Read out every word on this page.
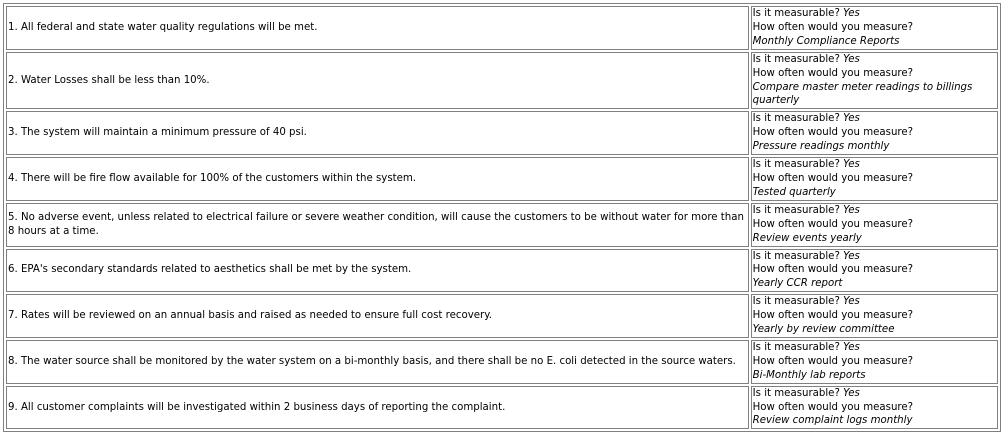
1. All federal and state water quality regulations will be met.	Is it measurable? Yes
How often would you measure?
Monthly Compliance Reports

2. Water Losses shall be less than 10%.	Is it measurable? Yes
How often would you measure?
Compare master meter readings to billings quarterly

3. The system will maintain a minimum pressure of 40 psi.	Is it measurable? Yes
How often would you measure?
Pressure readings monthly

4. There will be fire flow available for 100% of the customers within the system.	Is it measurable? Yes
How often would you measure?
Tested quarterly

5. No adverse event, unless related to electrical failure or severe weather condition, will cause the customers to be without water for more than 8 hours at a time.	Is it measurable? Yes
How often would you measure?
Review events yearly

6. EPA's secondary standards related to aesthetics shall be met by the system.	Is it measurable? Yes
How often would you measure?
Yearly CCR report

7. Rates will be reviewed on an annual basis and raised as needed to ensure full cost recovery.	Is it measurable? Yes
How often would you measure?
Yearly by review committee

8. The water source shall be monitored by the water system on a bi-monthly basis, and there shall be no E. coli detected in the source waters.	Is it measurable? Yes
How often would you measure?
Bi-Monthly lab reports

9. All customer complaints will be investigated within 2 business days of reporting the complaint.	Is it measurable? Yes
How often would you measure?
Review complaint logs monthly
